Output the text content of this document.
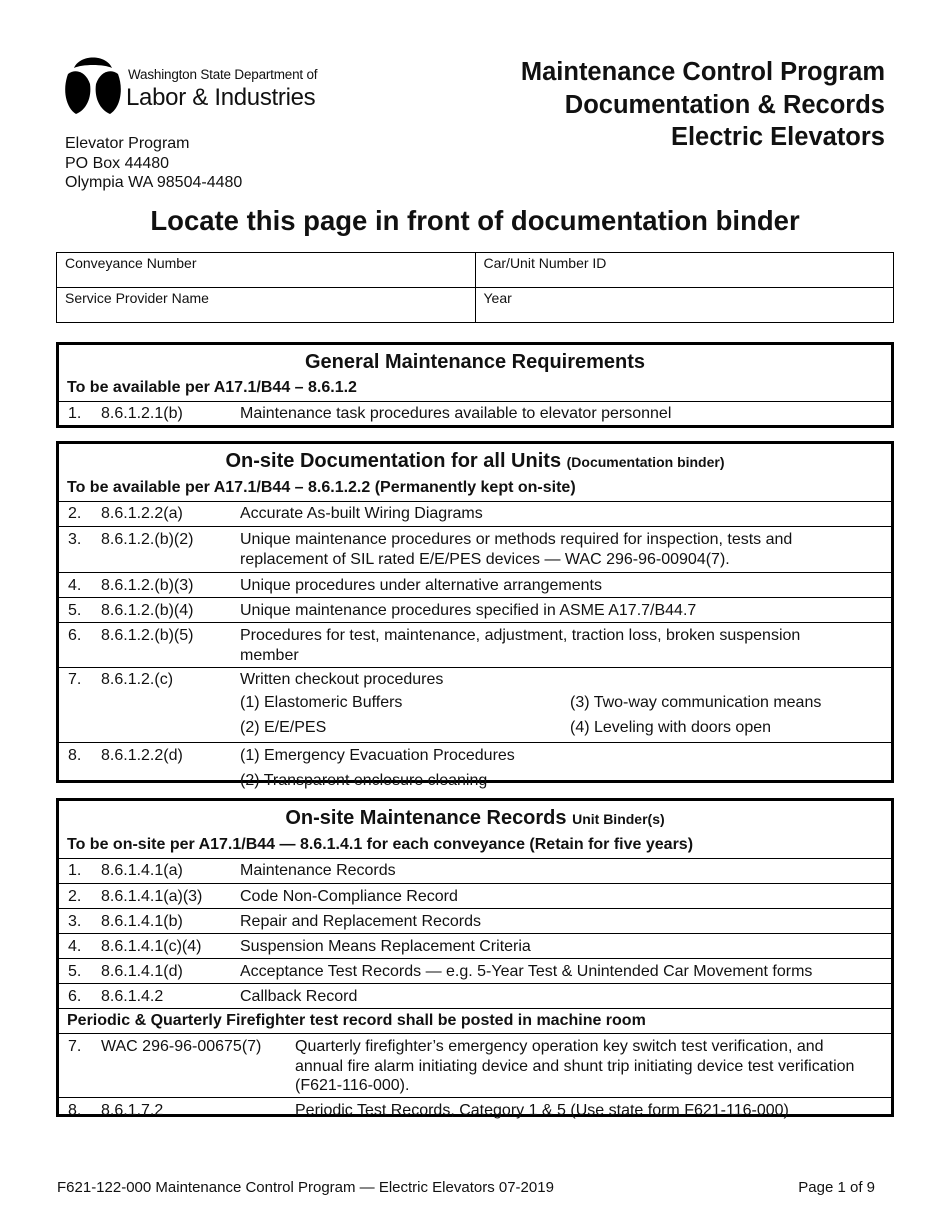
Washington State Department of
Labor & Industries
Elevator Program
PO Box 44480
Olympia WA 98504-4480
Maintenance Control Program
Documentation & Records
Electric Elevators
Locate this page in front of documentation binder
Conveyance Number	Car/Unit Number ID
Service Provider Name	Year
General Maintenance Requirements
To be available per A17.1/B44 – 8.6.1.2
1. 8.6.1.2.1(b)	Maintenance task procedures available to elevator personnel
On-site Documentation for all Units (Documentation binder)
To be available per A17.1/B44 – 8.6.1.2.2 (Permanently kept on-site)
2. 8.6.1.2.2(a)	Accurate As-built Wiring Diagrams
3. 8.6.1.2.(b)(2)	Unique maintenance procedures or methods required for inspection, tests and replacement of SIL rated E/E/PES devices — WAC 296-96-00904(7).
4. 8.6.1.2.(b)(3)	Unique procedures under alternative arrangements
5. 8.6.1.2.(b)(4)	Unique maintenance procedures specified in ASME A17.7/B44.7
6. 8.6.1.2.(b)(5)	Procedures for test, maintenance, adjustment, traction loss, broken suspension member
7. 8.6.1.2.(c)	Written checkout procedures
(1) Elastomeric Buffers	(3) Two-way communication means
(2) E/E/PES	(4) Leveling with doors open
8. 8.6.1.2.2(d)	(1) Emergency Evacuation Procedures
(2) Transparent enclosure cleaning
On-site Maintenance Records Unit Binder(s)
To be on-site per A17.1/B44 — 8.6.1.4.1 for each conveyance (Retain for five years)
1. 8.6.1.4.1(a)	Maintenance Records
2. 8.6.1.4.1(a)(3) Code Non-Compliance Record
3. 8.6.1.4.1(b)	Repair and Replacement Records
4. 8.6.1.4.1(c)(4) Suspension Means Replacement Criteria
5. 8.6.1.4.1(d)	Acceptance Test Records — e.g. 5-Year Test & Unintended Car Movement forms
6. 8.6.1.4.2	Callback Record
Periodic & Quarterly Firefighter test record shall be posted in machine room
7. WAC 296-96-00675(7) Quarterly firefighter’s emergency operation key switch test verification, and annual fire alarm initiating device and shunt trip initiating device test verification (F621-116-000).
8. 8.6.1.7.2	Periodic Test Records, Category 1 & 5 (Use state form F621-116-000)
F621-122-000 Maintenance Control Program — Electric Elevators 07-2019	Page 1 of 9
